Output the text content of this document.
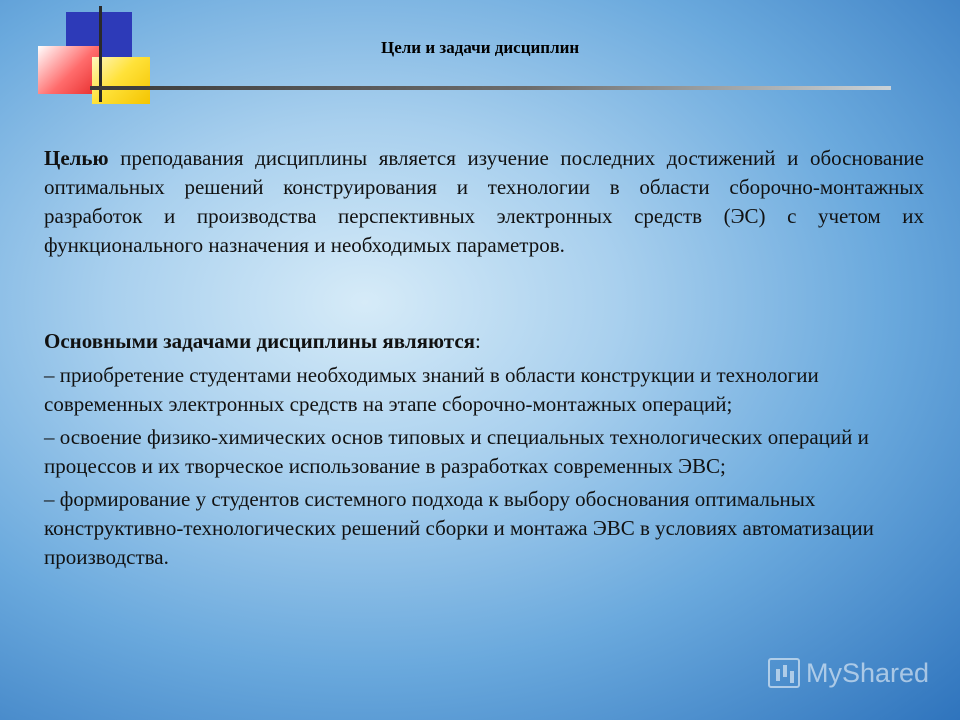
Цели и задачи дисциплин
Целью преподавания дисциплины является изучение последних достижений и обоснование оптимальных решений конструирования и технологии в области сборочно-монтажных разработок и производства перспективных электронных средств (ЭС) с учетом их функционального назначения и необходимых параметров.

Основными задачами дисциплины являются:

– приобретение студентами необходимых знаний в области конструкции и технологии современных электронных средств на этапе сборочно-монтажных операций;

– освоение физико-химических основ типовых и специальных технологических операций и процессов и их творческое использование в разработках современных ЭВС;

– формирование у студентов системного подхода к выбору обоснования оптимальных конструктивно-технологических решений сборки и монтажа ЭВС в условиях автоматизации производства.

MyShared
